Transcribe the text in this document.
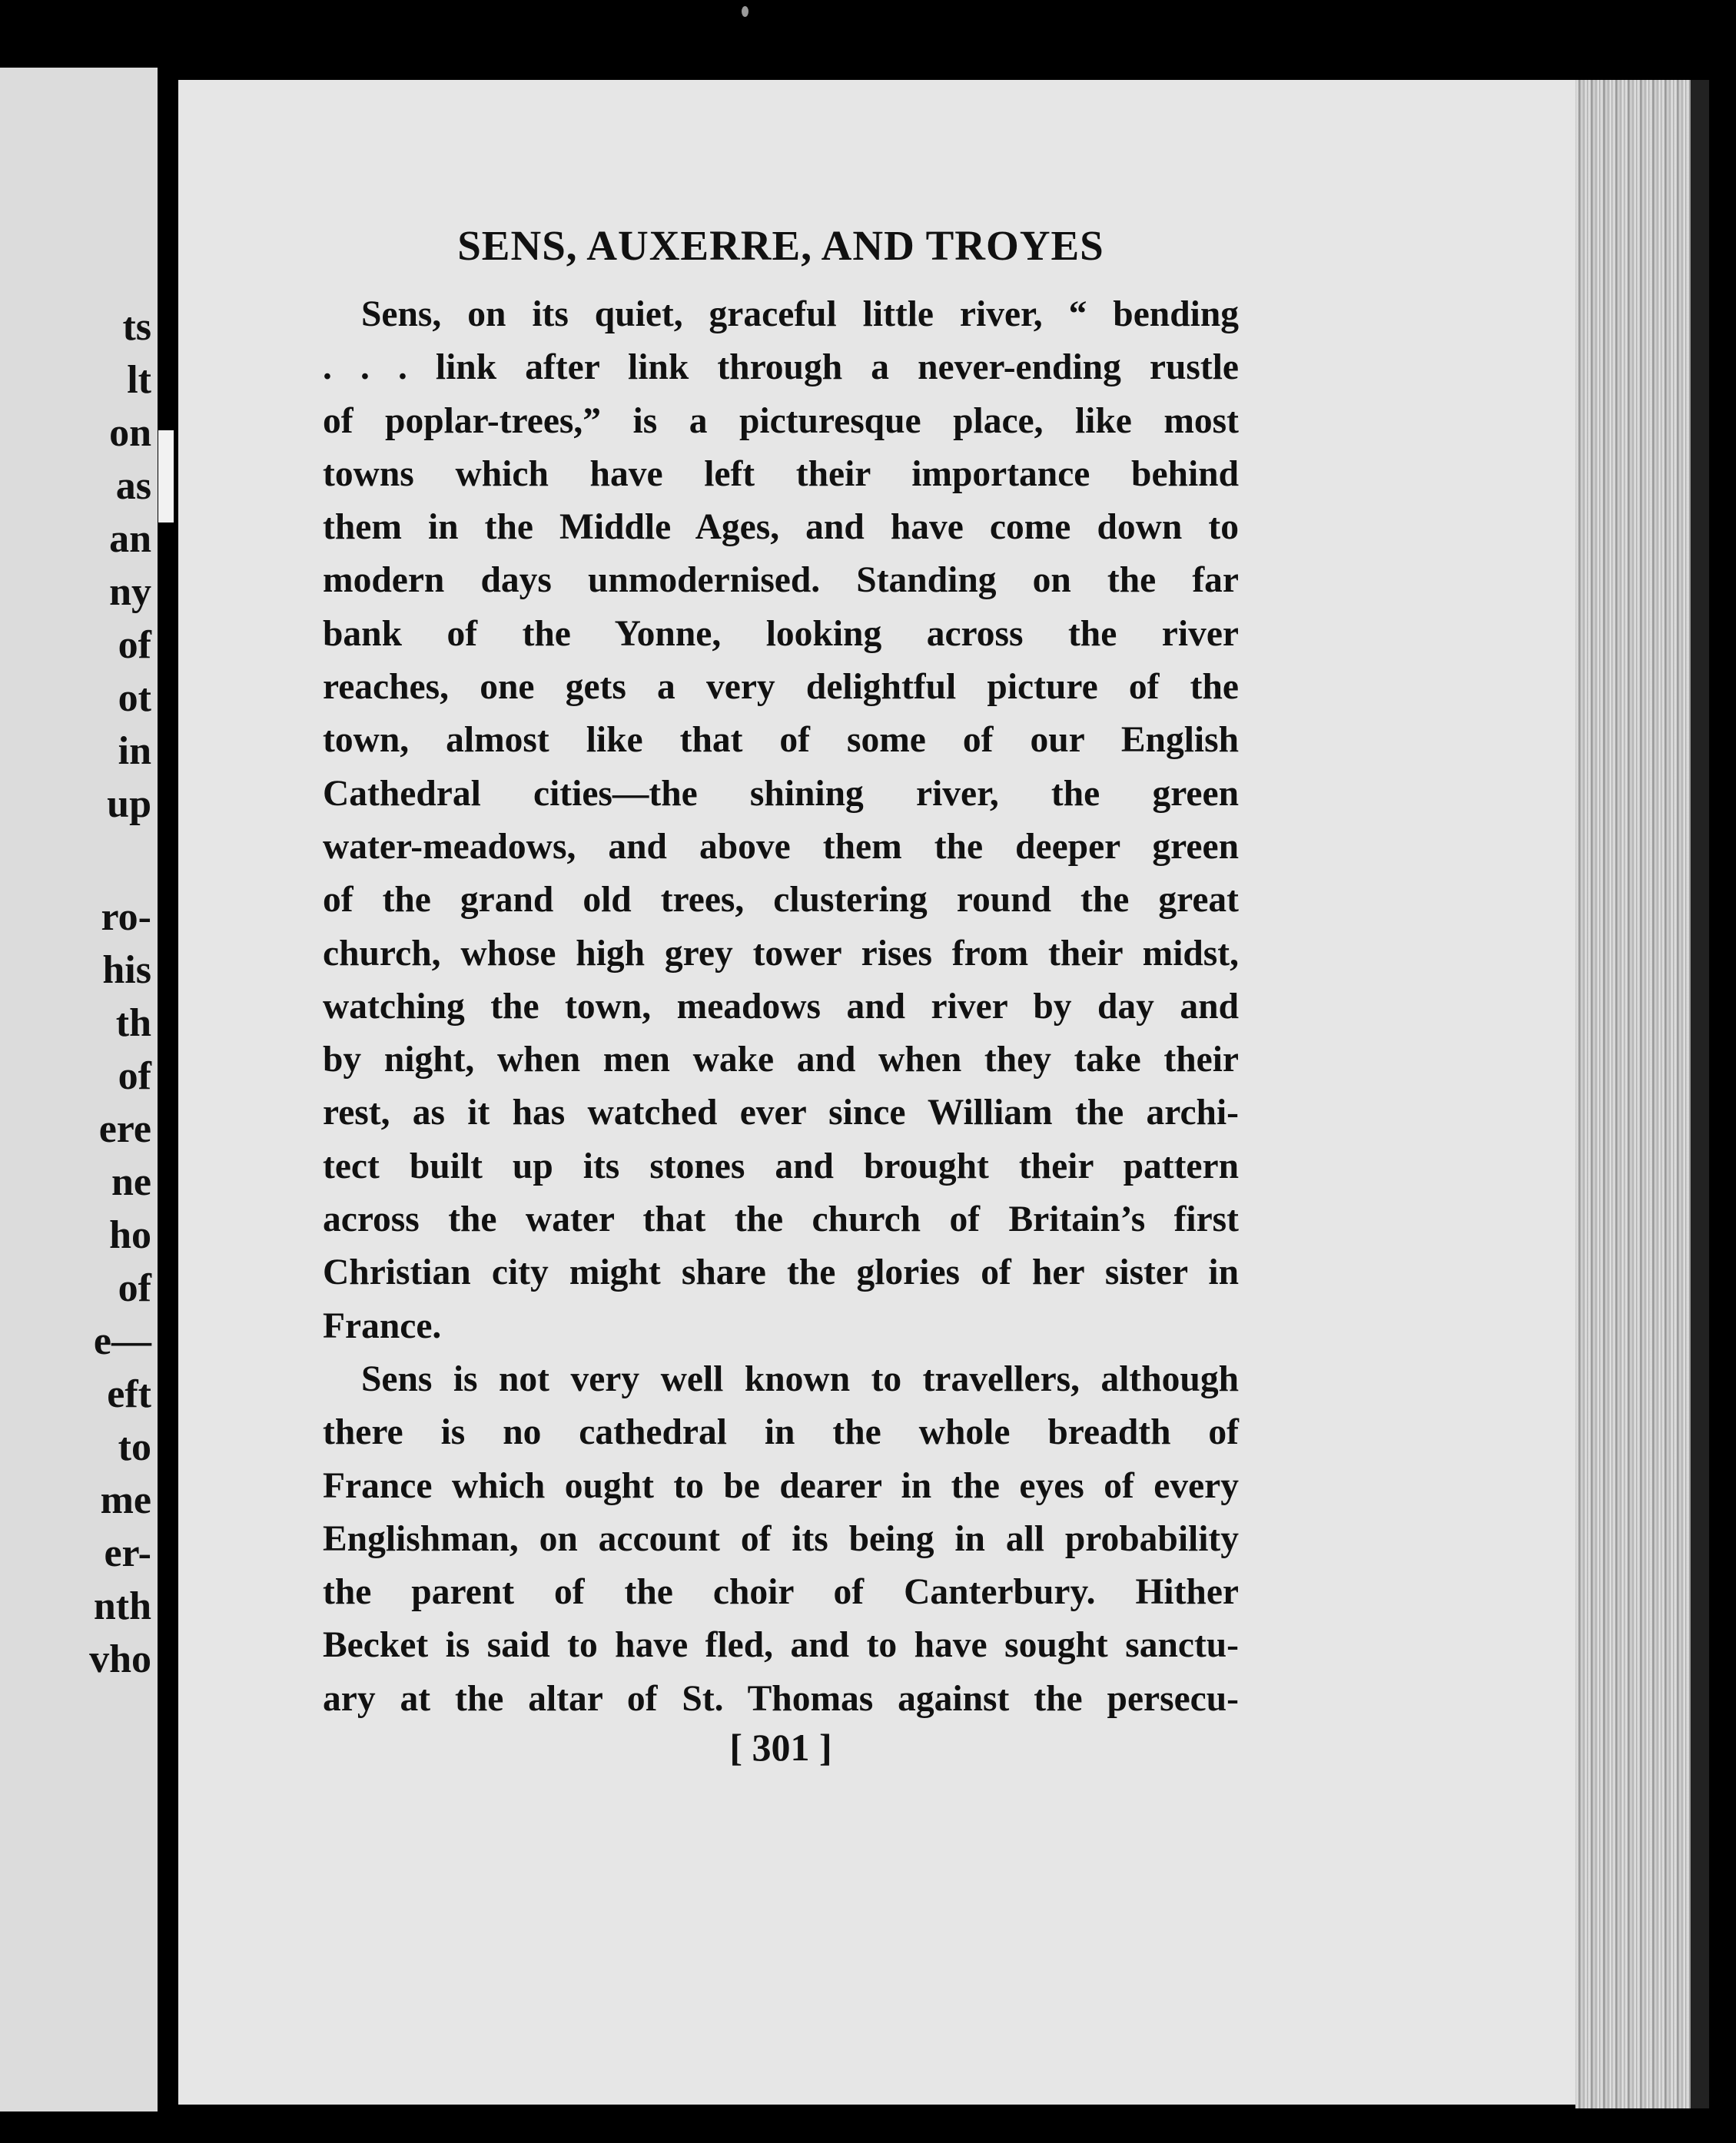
ts
lt
on
as
an
ny
of
ot
in
up
ro-
his
th
of
ere
ne
ho
of
e—
eft
to
me
er-
nth
vho
SENS, AUXERRE, AND TROYES

Sens, on its quiet, graceful little river, “ bending

. . . link after link through a never-ending rustle

of poplar-trees,” is a picturesque place, like most

towns which have left their importance behind

them in the Middle Ages, and have come down to

modern days unmodernised. Standing on the far

bank of the Yonne, looking across the river

reaches, one gets a very delightful picture of the

town, almost like that of some of our English

Cathedral cities—the shining river, the green

water-meadows, and above them the deeper green

of the grand old trees, clustering round the great

church, whose high grey tower rises from their midst,

watching the town, meadows and river by day and

by night, when men wake and when they take their

rest, as it has watched ever since William the archi-

tect built up its stones and brought their pattern

across the water that the church of Britain’s first

Christian city might share the glories of her sister in

France.

Sens is not very well known to travellers, although

there is no cathedral in the whole breadth of

France which ought to be dearer in the eyes of every

Englishman, on account of its being in all probability

the parent of the choir of Canterbury. Hither

Becket is said to have fled, and to have sought sanctu-

ary at the altar of St. Thomas against the persecu-

[ 301 ]
